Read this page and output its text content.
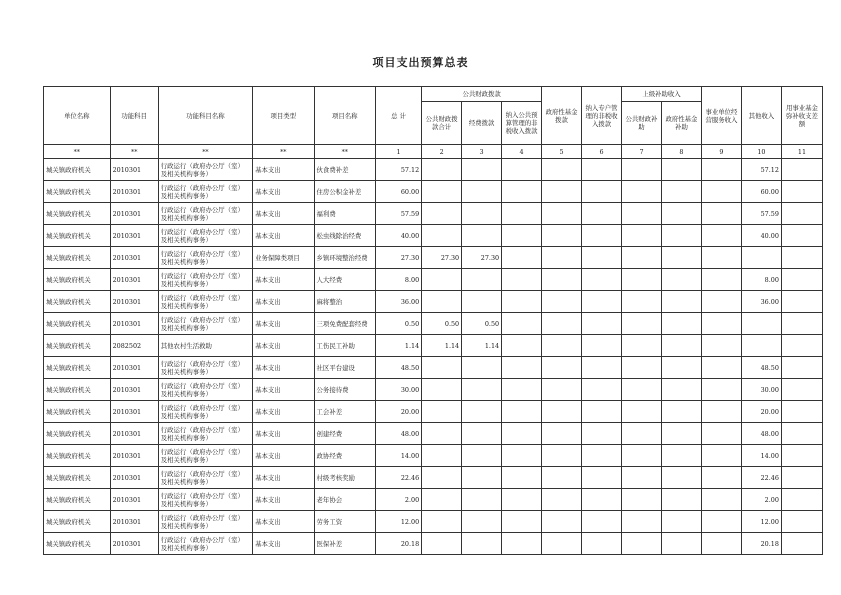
项目支出预算总表
单位名称	功能科目	功能科目名称	项目类型	项目名称	总 计	公共财政拨款			政府性基金拨款	纳入专户管理的非税收入拨款	上级补助收入		事业单位经营服务收入	其他收入	用事业基金弥补收支差额
						公共财政拨款合计	经费拨款	纳入公共预算管理的非税收入拨款			公共财政补助	政府性基金补助			
**	**	**	**	**	1	2	3	4	5	6	7	8	9	10	11
城关镇政府机关	2010301	行政运行（政府办公厅（室）及相关机构事务）	基本支出	伙食费补差	57.12									57.12	
城关镇政府机关	2010301	行政运行（政府办公厅（室）及相关机构事务）	基本支出	住房公积金补差	60.00									60.00	
城关镇政府机关	2010301	行政运行（政府办公厅（室）及相关机构事务）	基本支出	福利费	57.59									57.59	
城关镇政府机关	2010301	行政运行（政府办公厅（室）及相关机构事务）	基本支出	松虫线除治经费	40.00									40.00	
城关镇政府机关	2010301	行政运行（政府办公厅（室）及相关机构事务）	业务保障类项目	乡镇环境整治经费	27.30	27.30	27.30								
城关镇政府机关	2010301	行政运行（政府办公厅（室）及相关机构事务）	基本支出	人大经费	8.00									8.00	
城关镇政府机关	2010301	行政运行（政府办公厅（室）及相关机构事务）	基本支出	麻将整治	36.00									36.00	
城关镇政府机关	2010301	行政运行（政府办公厅（室）及相关机构事务）	基本支出	三项免费配套经费	0.50	0.50	0.50								
城关镇政府机关	2082502	其他农村生活救助	基本支出	工伤民工补助	1.14	1.14	1.14								
城关镇政府机关	2010301	行政运行（政府办公厅（室）及相关机构事务）	基本支出	社区平台建设	48.50									48.50	
城关镇政府机关	2010301	行政运行（政府办公厅（室）及相关机构事务）	基本支出	公务接待费	30.00									30.00	
城关镇政府机关	2010301	行政运行（政府办公厅（室）及相关机构事务）	基本支出	工会补差	20.00									20.00	
城关镇政府机关	2010301	行政运行（政府办公厅（室）及相关机构事务）	基本支出	创建经费	48.00									48.00	
城关镇政府机关	2010301	行政运行（政府办公厅（室）及相关机构事务）	基本支出	政协经费	14.00									14.00	
城关镇政府机关	2010301	行政运行（政府办公厅（室）及相关机构事务）	基本支出	村级考核奖励	22.46									22.46	
城关镇政府机关	2010301	行政运行（政府办公厅（室）及相关机构事务）	基本支出	老年协会	2.00									2.00	
城关镇政府机关	2010301	行政运行（政府办公厅（室）及相关机构事务）	基本支出	劳务工资	12.00									12.00	
城关镇政府机关	2010301	行政运行（政府办公厅（室）及相关机构事务）	基本支出	医保补差	20.18									20.18	
